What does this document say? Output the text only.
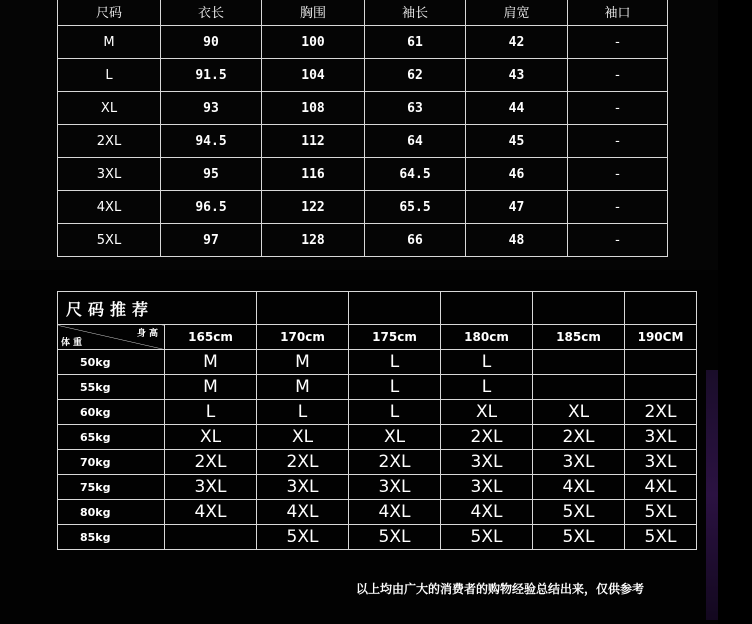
尺码	衣长	胸围	袖长	肩宽	袖口
M	90	100	61	42	-
L	91.5	104	62	43	-
XL	93	108	63	44	-
2XL	94.5	112	64	45	-
3XL	95	116	64.5	46	-
4XL	96.5	122	65.5	47	-
5XL	97	128	66	48	-
尺码推荐						

身高
体重	165cm	170cm	175cm	180cm	185cm	190CM
50kg	M	M	L	L		
55kg	M	M	L	L		
60kg	L	L	L	XL	XL	2XL
65kg	XL	XL	XL	2XL	2XL	3XL
70kg	2XL	2XL	2XL	3XL	3XL	3XL
75kg	3XL	3XL	3XL	3XL	4XL	4XL
80kg	4XL	4XL	4XL	4XL	5XL	5XL
85kg		5XL	5XL	5XL	5XL	5XL
以上均由广大的消费者的购物经验总结出来，仅供参考
